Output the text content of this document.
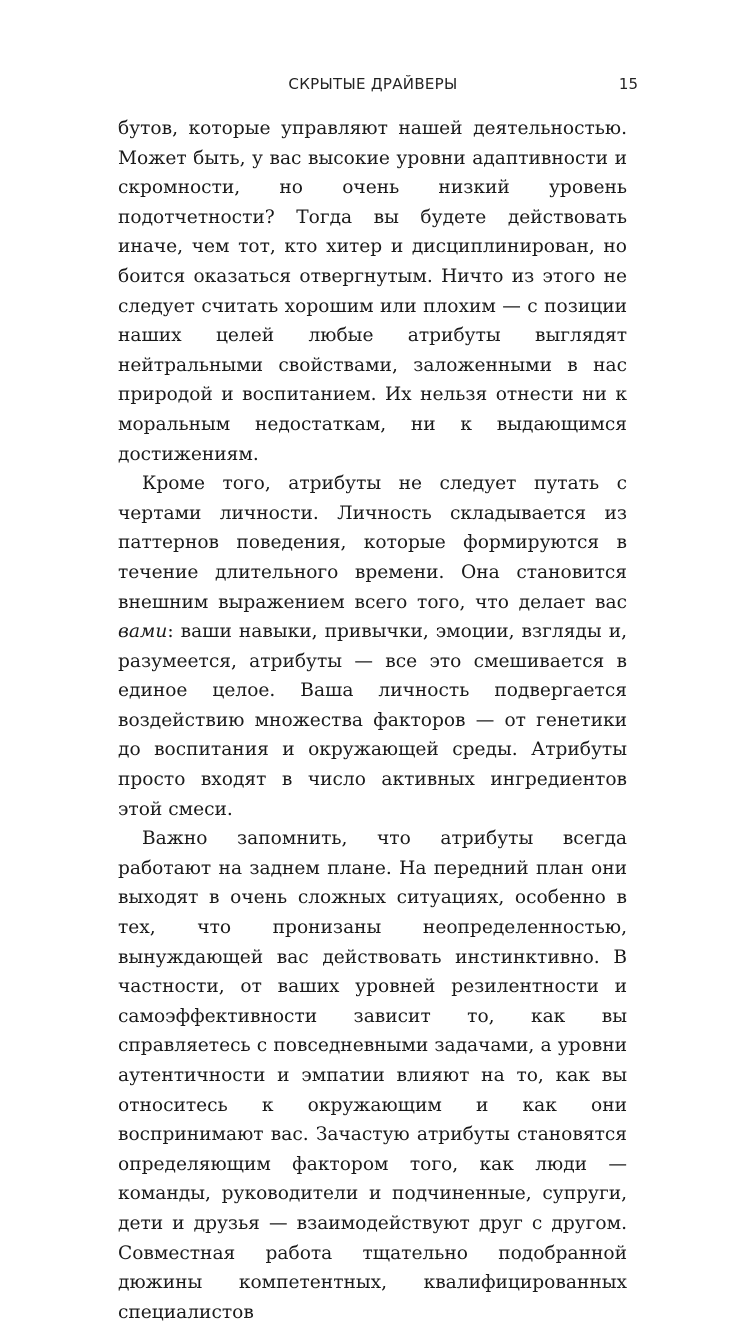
СКРЫТЫЕ ДРАЙВЕРЫ	15

бутов, которые управляют нашей деятельностью. Может быть, у вас высокие уровни адаптивности и скромности, но очень низкий уровень подотчетности? Тогда вы будете действовать иначе, чем тот, кто хитер и дисциплинирован, но боится оказаться отвергнутым. Ничто из этого не следует считать хорошим или плохим — с позиции наших целей любые атрибуты выглядят нейтральными свойствами, заложенными в нас природой и воспитанием. Их нельзя отнести ни к моральным недостаткам, ни к выдающимся достижениям.

Кроме того, атрибуты не следует путать с чертами личности. Личность складывается из паттернов поведения, которые формируются в течение длительного времени. Она становится внешним выражением всего того, что делает вас вами: ваши навыки, привычки, эмоции, взгляды и, разумеется, атрибуты — все это смешивается в единое целое. Ваша личность подвергается воздействию множества факторов — от генетики до воспитания и окружающей среды. Атрибуты просто входят в число активных ингредиентов этой смеси.

Важно запомнить, что атрибуты всегда работают на заднем плане. На передний план они выходят в очень сложных ситуациях, особенно в тех, что пронизаны неопределенностью, вынуждающей вас действовать инстинктивно. В частности, от ваших уровней резилентности и самоэффективности зависит то, как вы справляетесь с повседневными задачами, а уровни аутентичности и эмпатии влияют на то, как вы относитесь к окружающим и как они воспринимают вас. Зачастую атрибуты становятся определяющим фактором того, как люди — команды, руководители и подчиненные, супруги, дети и друзья — взаимодействуют друг с другом. Совместная работа тщательно подобранной дюжины компетентных, квалифицированных специалистов
